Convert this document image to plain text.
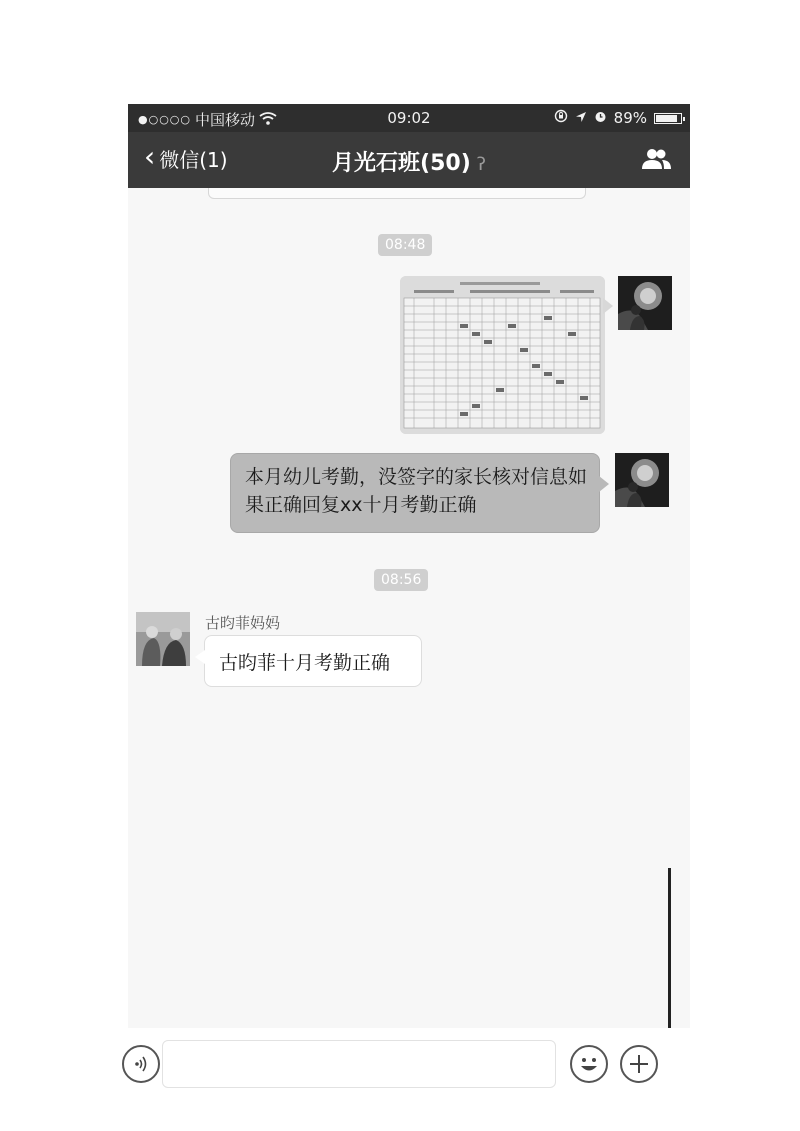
●○○○○ 中国移动	09:02	89%
‹ 微信(1)	月光石班(50) ʔ
08:48
本月幼儿考勤，没签字的家长核对信息如果正确回复xx十月考勤正确
08:56
古昀菲妈妈
古昀菲十月考勤正确
